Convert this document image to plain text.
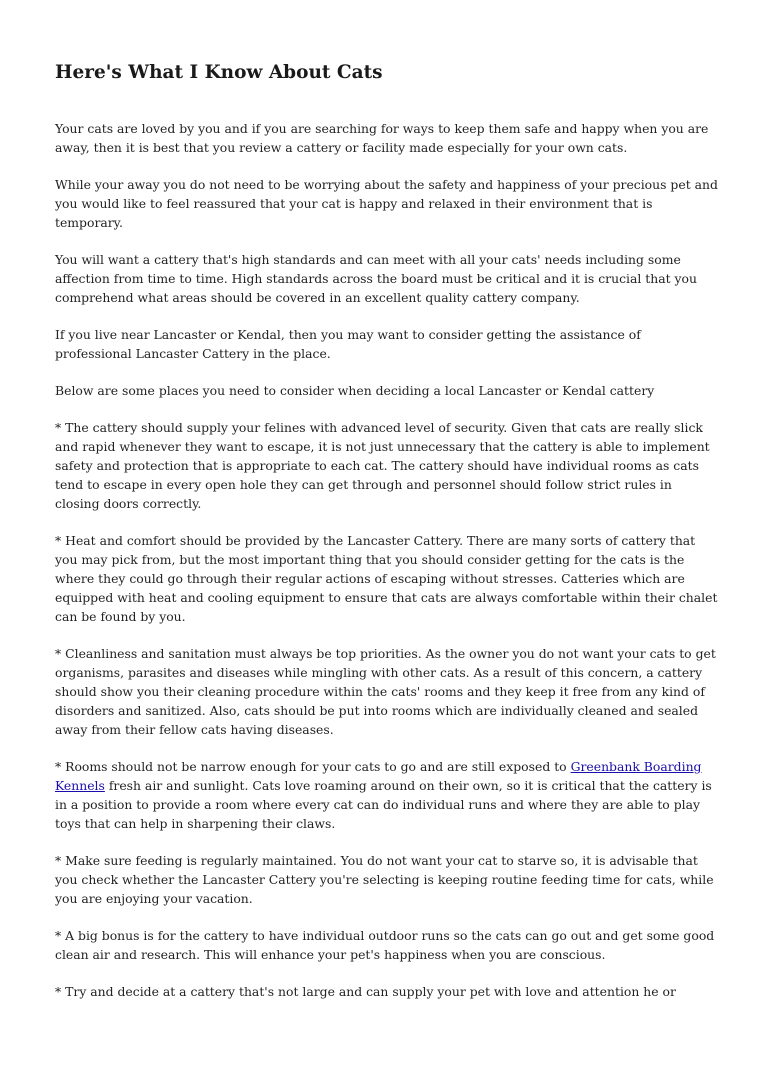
Here's What I Know About Cats

Your cats are loved by you and if you are searching for ways to keep them safe and happy when you are away, then it is best that you review a cattery or facility made especially for your own cats.

While your away you do not need to be worrying about the safety and happiness of your precious pet and you would like to feel reassured that your cat is happy and relaxed in their environment that is temporary.

You will want a cattery that's high standards and can meet with all your cats' needs including some affection from time to time. High standards across the board must be critical and it is crucial that you comprehend what areas should be covered in an excellent quality cattery company.

If you live near Lancaster or Kendal, then you may want to consider getting the assistance of professional Lancaster Cattery in the place.

Below are some places you need to consider when deciding a local Lancaster or Kendal cattery

* The cattery should supply your felines with advanced level of security. Given that cats are really slick and rapid whenever they want to escape, it is not just unnecessary that the cattery is able to implement safety and protection that is appropriate to each cat. The cattery should have individual rooms as cats tend to escape in every open hole they can get through and personnel should follow strict rules in closing doors correctly.

* Heat and comfort should be provided by the Lancaster Cattery. There are many sorts of cattery that you may pick from, but the most important thing that you should consider getting for the cats is the where they could go through their regular actions of escaping without stresses. Catteries which are equipped with heat and cooling equipment to ensure that cats are always comfortable within their chalet can be found by you.

* Cleanliness and sanitation must always be top priorities. As the owner you do not want your cats to get organisms, parasites and diseases while mingling with other cats. As a result of this concern, a cattery should show you their cleaning procedure within the cats' rooms and they keep it free from any kind of disorders and sanitized. Also, cats should be put into rooms which are individually cleaned and sealed away from their fellow cats having diseases.

* Rooms should not be narrow enough for your cats to go and are still exposed to Greenbank Boarding Kennels fresh air and sunlight. Cats love roaming around on their own, so it is critical that the cattery is in a position to provide a room where every cat can do individual runs and where they are able to play toys that can help in sharpening their claws.

* Make sure feeding is regularly maintained. You do not want your cat to starve so, it is advisable that you check whether the Lancaster Cattery you're selecting is keeping routine feeding time for cats, while you are enjoying your vacation.

* A big bonus is for the cattery to have individual outdoor runs so the cats can go out and get some good clean air and research. This will enhance your pet's happiness when you are conscious.

* Try and decide at a cattery that's not large and can supply your pet with love and attention he or
